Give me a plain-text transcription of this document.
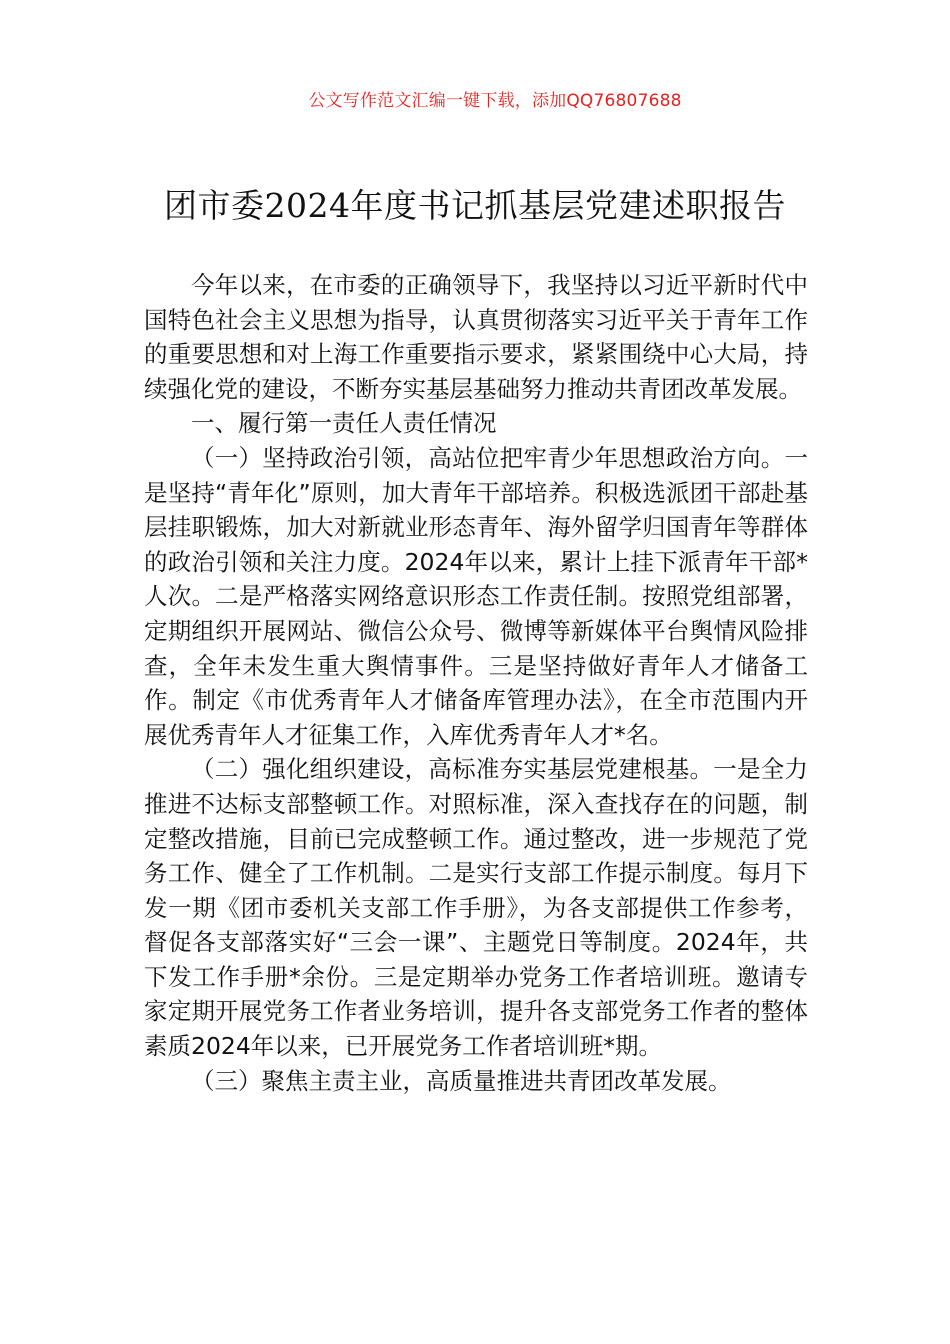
公文写作范文汇编一键下载，添加QQ76807688
团市委2024年度书记抓基层党建述职报告

今年以来，在市委的正确领导下，我坚持以习近平新时代中国特色社会主义思想为指导，认真贯彻落实习近平关于青年工作的重要思想和对上海工作重要指示要求，紧紧围绕中心大局，持续强化党的建设，不断夯实基层基础努力推动共青团改革发展。

一、履行第一责任人责任情况

（一）坚持政治引领，高站位把牢青少年思想政治方向。一是坚持“青年化”原则，加大青年干部培养。积极选派团干部赴基层挂职锻炼，加大对新就业形态青年、海外留学归国青年等群体的政治引领和关注力度。2024年以来，累计上挂下派青年干部*人次。二是严格落实网络意识形态工作责任制。按照党组部署，定期组织开展网站、微信公众号、微博等新媒体平台舆情风险排查，全年未发生重大舆情事件。三是坚持做好青年人才储备工作。制定《市优秀青年人才储备库管理办法》，在全市范围内开展优秀青年人才征集工作，入库优秀青年人才*名。

（二）强化组织建设，高标准夯实基层党建根基。一是全力推进不达标支部整顿工作。对照标准，深入查找存在的问题，制定整改措施，目前已完成整顿工作。通过整改，进一步规范了党务工作、健全了工作机制。二是实行支部工作提示制度。每月下发一期《团市委机关支部工作手册》，为各支部提供工作参考，督促各支部落实好“三会一课”、主题党日等制度。2024年，共下发工作手册*余份。三是定期举办党务工作者培训班。邀请专家定期开展党务工作者业务培训，提升各支部党务工作者的整体素质2024年以来，已开展党务工作者培训班*期。

（三）聚焦主责主业，高质量推进共青团改革发展。
